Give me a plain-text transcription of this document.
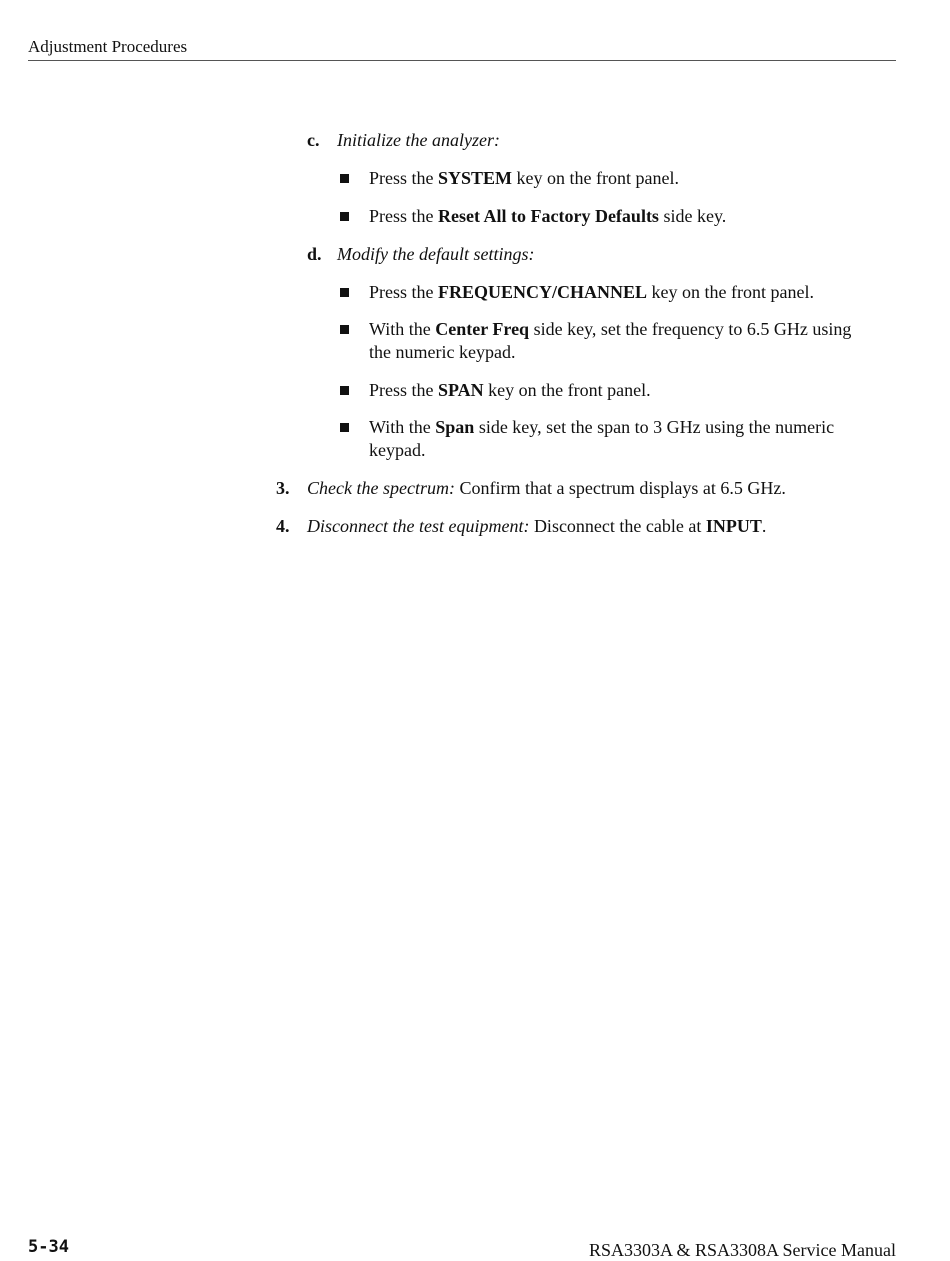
Adjustment Procedures
c. Initialize the analyzer:
Press the SYSTEM key on the front panel.
Press the Reset All to Factory Defaults side key.
d. Modify the default settings:
Press the FREQUENCY/CHANNEL key on the front panel.
With the Center Freq side key, set the frequency to 6.5 GHz using
the numeric keypad.
Press the SPAN key on the front panel.
With the Span side key, set the span to 3 GHz using the numeric
keypad.
3. Check the spectrum: Confirm that a spectrum displays at 6.5 GHz.
4. Disconnect the test equipment: Disconnect the cable at INPUT.
5-34	RSA3303A & RSA3308A Service Manual
